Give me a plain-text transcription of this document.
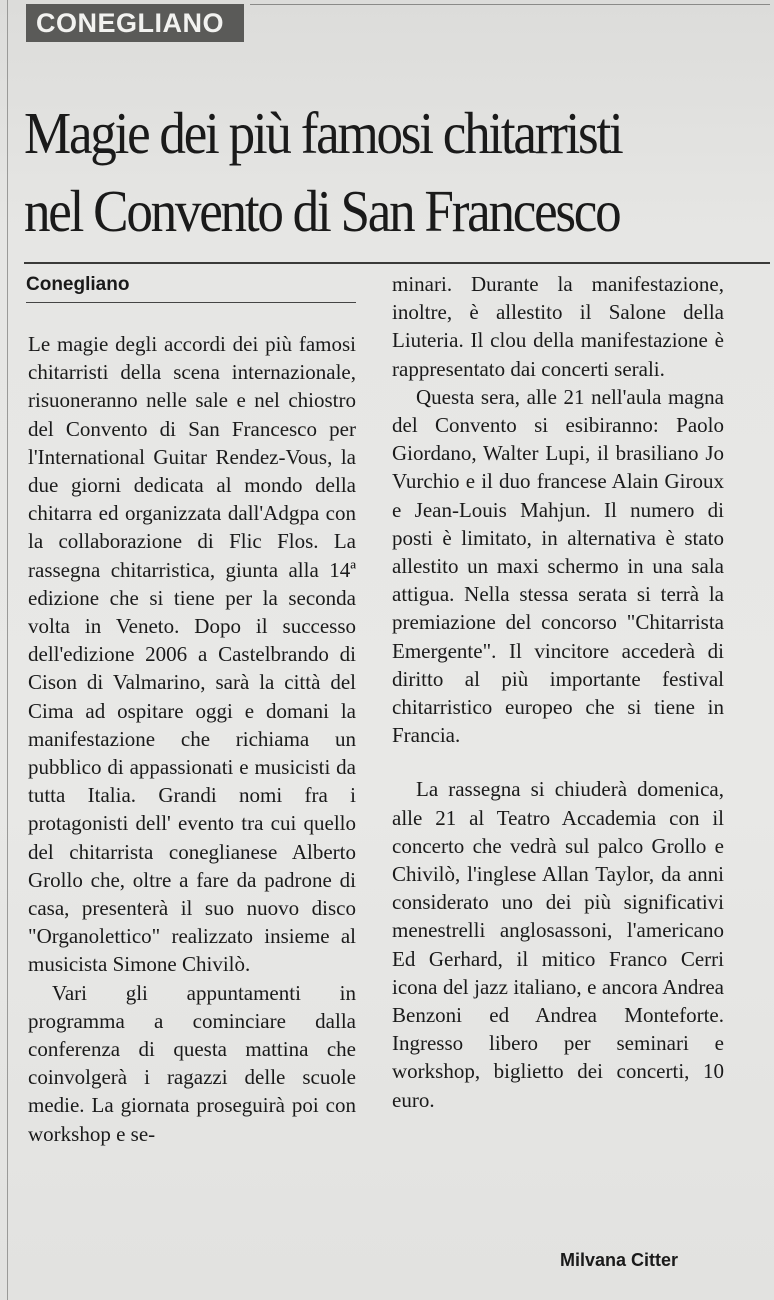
CONEGLIANO
Magie dei più famosi chitarristi
nel Convento di San Francesco
Conegliano

Le magie degli accordi dei più famosi chitarristi della scena internazionale, risuoneranno nelle sale e nel chiostro del Convento di San Francesco per l'International Guitar Rendez-Vous, la due giorni dedicata al mondo della chitarra ed organizzata dall'Adgpa con la collaborazione di Flic Flos. La rassegna chitarristica, giunta alla 14ª edizione che si tiene per la seconda volta in Veneto. Dopo il successo dell'edizione 2006 a Castelbrando di Cison di Valmarino, sarà la città del Cima ad ospitare oggi e domani la manifestazione che richiama un pubblico di appassionati e musicisti da tutta Italia. Grandi nomi fra i protagonisti dell' evento tra cui quello del chitarrista coneglianese Alberto Grollo che, oltre a fare da padrone di casa, presenterà il suo nuovo disco "Organolettico" realizzato insieme al musicista Simone Chivilò.

Vari gli appuntamenti in programma a cominciare dalla conferenza di questa mattina che coinvolgerà i ragazzi delle scuole medie. La giornata proseguirà poi con workshop e se-

minari. Durante la manifestazione, inoltre, è allestito il Salone della Liuteria. Il clou della manifestazione è rappresentato dai concerti serali.

Questa sera, alle 21 nell'aula magna del Convento si esibiranno: Paolo Giordano, Walter Lupi, il brasiliano Jo Vurchio e il duo francese Alain Giroux e Jean-Louis Mahjun. Il numero di posti è limitato, in alternativa è stato allestito un maxi schermo in una sala attigua. Nella stessa serata si terrà la premiazione del concorso "Chitarrista Emergente". Il vincitore accederà di diritto al più importante festival chitarristico europeo che si tiene in Francia.

La rassegna si chiuderà domenica, alle 21 al Teatro Accademia con il concerto che vedrà sul palco Grollo e Chivilò, l'inglese Allan Taylor, da anni considerato uno dei più significativi menestrelli anglosassoni, l'americano Ed Gerhard, il mitico Franco Cerri icona del jazz italiano, e ancora Andrea Benzoni ed Andrea Monteforte. Ingresso libero per seminari e workshop, biglietto dei concerti, 10 euro.

Milvana Citter
